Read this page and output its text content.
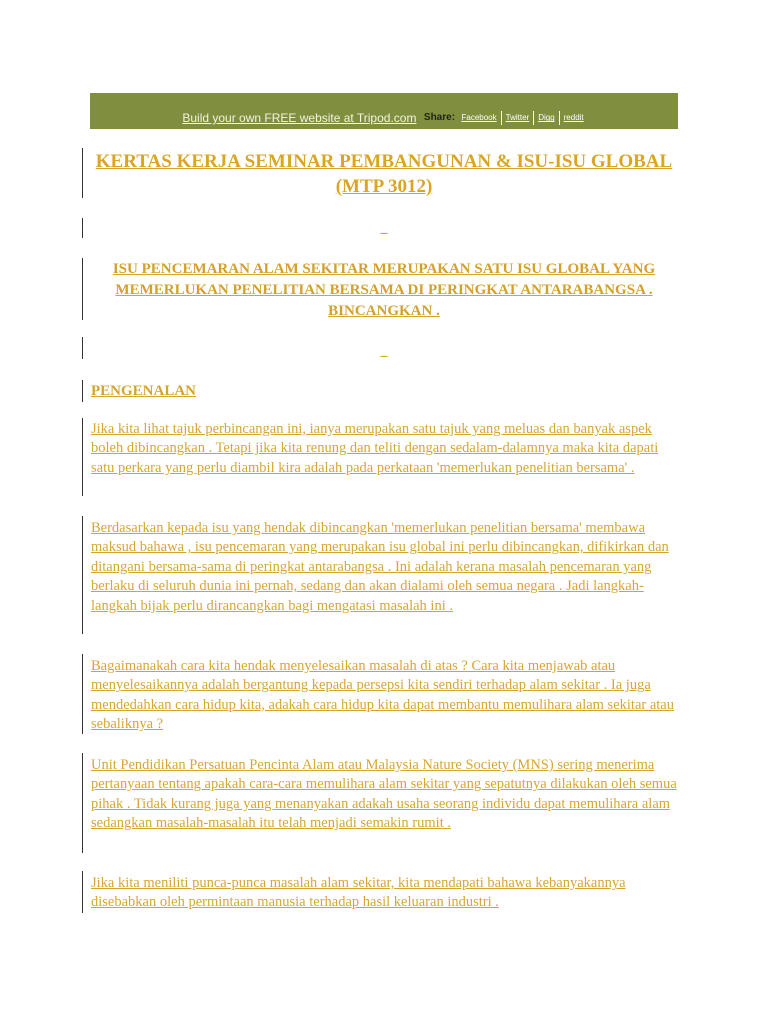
Build your own FREE website at Tripod.com Share: Facebook Twitter Digg reddit
KERTAS KERJA SEMINAR PEMBANGUNAN & ISU-ISU GLOBAL (MTP 3012)
_
ISU PENCEMARAN ALAM SEKITAR MERUPAKAN SATU ISU GLOBAL YANG MEMERLUKAN PENELITIAN BERSAMA DI PERINGKAT ANTARABANGSA . BINCANGKAN .
_
PENGENALAN
Jika kita lihat tajuk perbincangan ini, ianya merupakan satu tajuk yang meluas dan banyak aspek boleh dibincangkan . Tetapi jika kita renung dan teliti dengan sedalam-dalamnya maka kita dapati satu perkara yang perlu diambil kira adalah pada perkataan 'memerlukan penelitian bersama' .
Berdasarkan kepada isu yang hendak dibincangkan 'memerlukan penelitian bersama' membawa maksud bahawa , isu pencemaran yang merupakan isu global ini perlu dibincangkan, difikirkan dan ditangani bersama-sama di peringkat antarabangsa . Ini adalah kerana masalah pencemaran yang berlaku di seluruh dunia ini pernah, sedang dan akan dialami oleh semua negara . Jadi langkah-langkah bijak perlu dirancangkan bagi mengatasi masalah ini .
Bagaimanakah cara kita hendak menyelesaikan masalah di atas ? Cara kita menjawab atau menyelesaikannya adalah bergantung kepada persepsi kita sendiri terhadap alam sekitar . Ia juga mendedahkan cara hidup kita, adakah cara hidup kita dapat membantu memulihara alam sekitar atau sebaliknya ?
Unit Pendidikan Persatuan Pencinta Alam atau Malaysia Nature Society (MNS) sering menerima pertanyaan tentang apakah cara-cara memulihara alam sekitar yang sepatutnya dilakukan oleh semua pihak . Tidak kurang juga yang menanyakan adakah usaha seorang individu dapat memulihara alam sedangkan masalah-masalah itu telah menjadi semakin rumit .
Jika kita meniliti punca-punca masalah alam sekitar, kita mendapati bahawa kebanyakannya disebabkan oleh permintaan manusia terhadap hasil keluaran industri .
